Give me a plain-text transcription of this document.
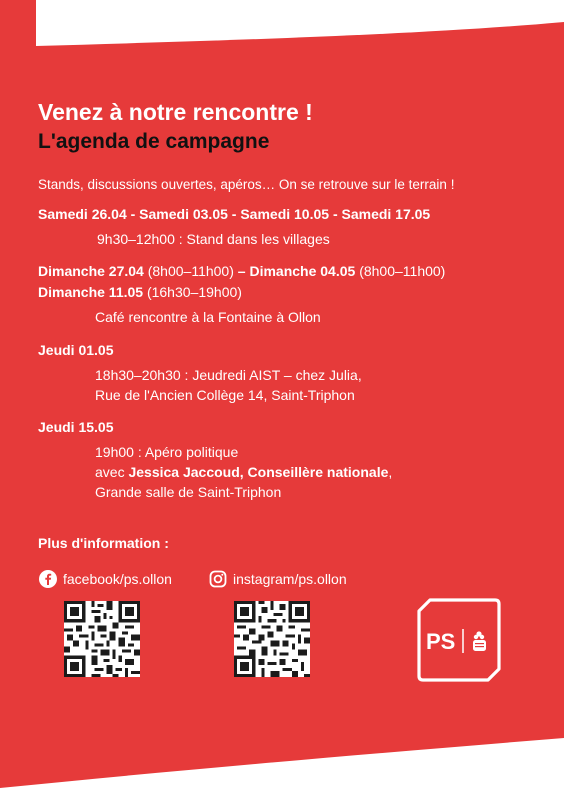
Venez à notre rencontre !
L'agenda de campagne
Stands, discussions ouvertes, apéros… On se retrouve sur le terrain !
Samedi 26.04 - Samedi 03.05 - Samedi 10.05 - Samedi 17.05
9h30–12h00 : Stand dans les villages
Dimanche 27.04 (8h00–11h00) – Dimanche 04.05 (8h00–11h00)
Dimanche 11.05 (16h30–19h00)
Café rencontre à la Fontaine à Ollon
Jeudi 01.05
18h30–20h30 : Jeudredi AIST – chez Julia,
Rue de l'Ancien Collège 14, Saint-Triphon
Jeudi 15.05
19h00 : Apéro politique
avec Jessica Jaccoud, Conseillère nationale,
Grande salle de Saint-Triphon
Plus d'information :
facebook/ps.ollon	instagram/ps.ollon
PS
